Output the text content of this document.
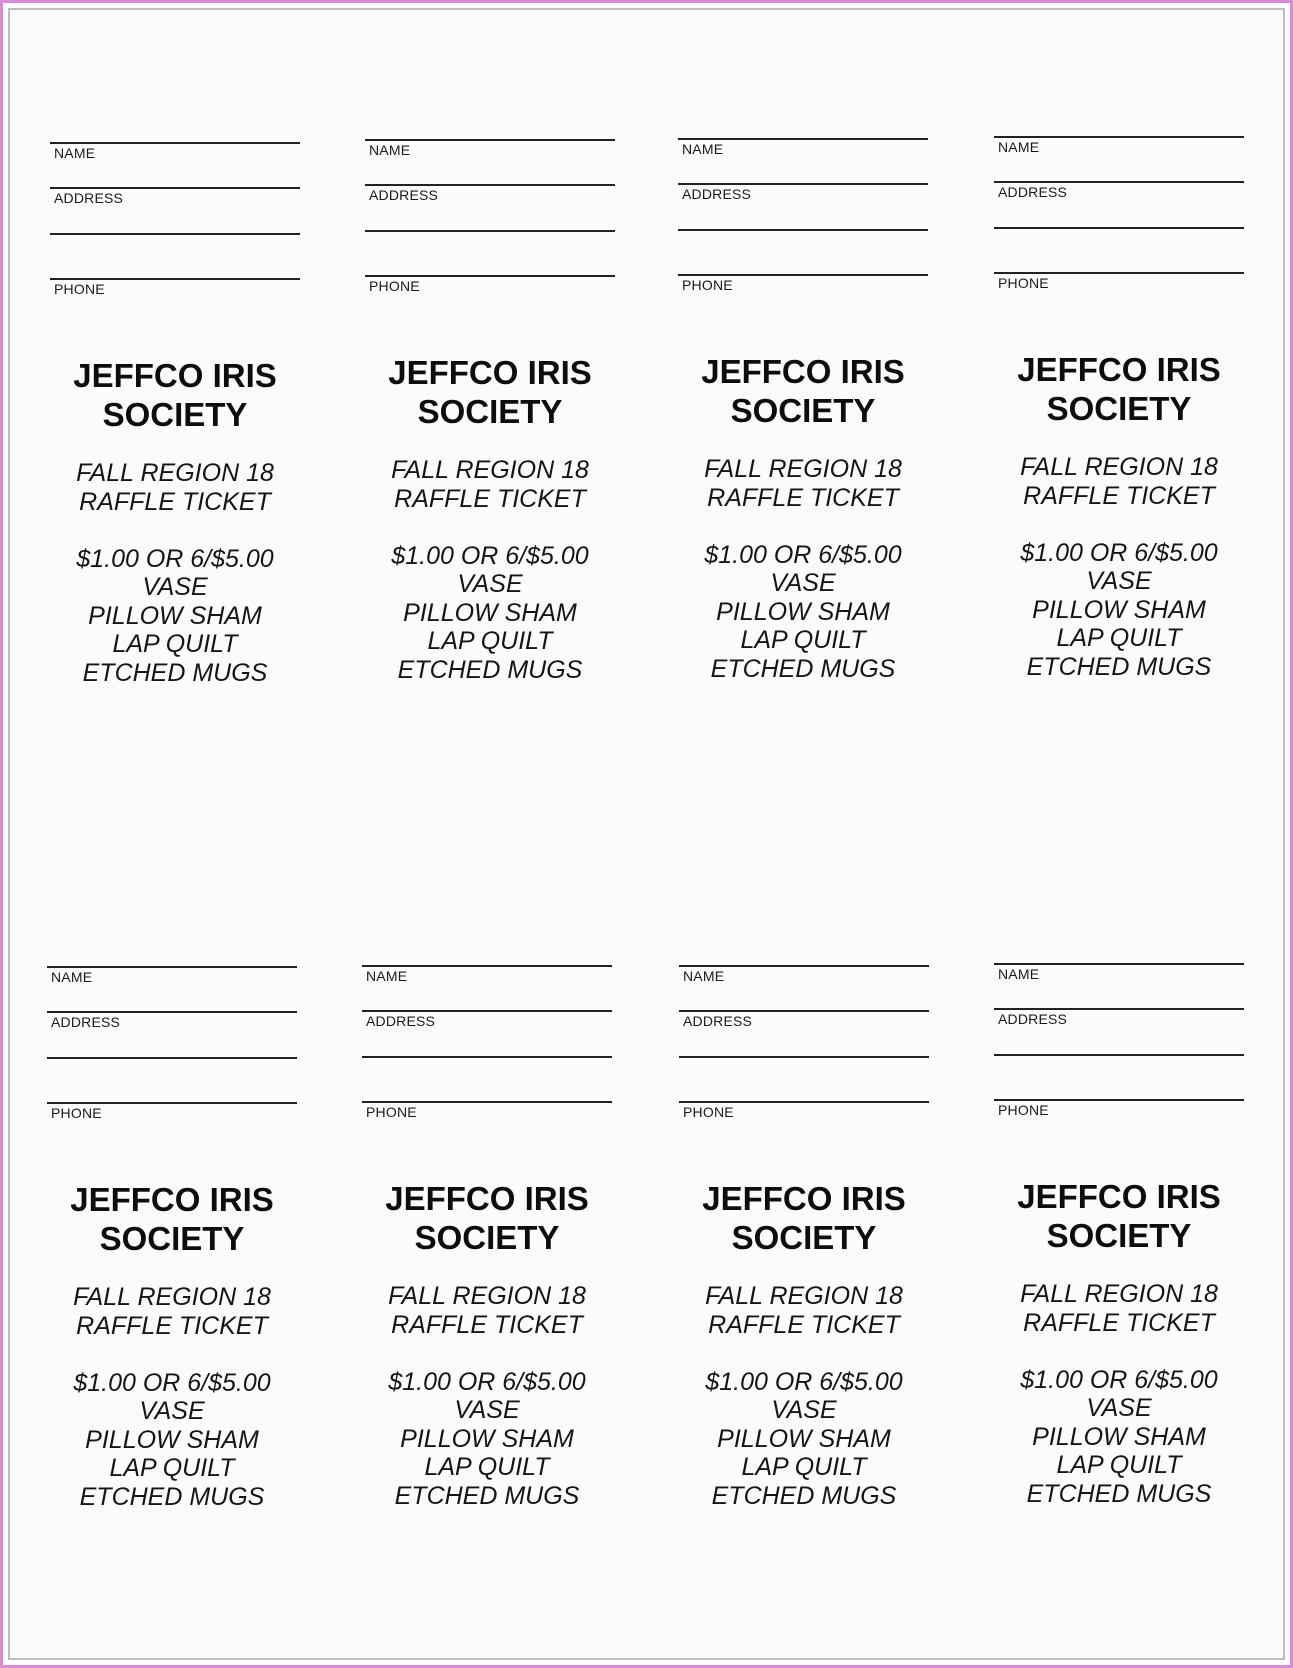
NAME
ADDRESS
PHONE
JEFFCO IRIS
SOCIETY
FALL REGION 18
RAFFLE TICKET
$1.00 OR 6/$5.00
VASE
PILLOW SHAM
LAP QUILT
ETCHED MUGS
NAME
ADDRESS
PHONE
JEFFCO IRIS
SOCIETY
FALL REGION 18
RAFFLE TICKET
$1.00 OR 6/$5.00
VASE
PILLOW SHAM
LAP QUILT
ETCHED MUGS
NAME
ADDRESS
PHONE
JEFFCO IRIS
SOCIETY
FALL REGION 18
RAFFLE TICKET
$1.00 OR 6/$5.00
VASE
PILLOW SHAM
LAP QUILT
ETCHED MUGS
NAME
ADDRESS
PHONE
JEFFCO IRIS
SOCIETY
FALL REGION 18
RAFFLE TICKET
$1.00 OR 6/$5.00
VASE
PILLOW SHAM
LAP QUILT
ETCHED MUGS
NAME
ADDRESS
PHONE
JEFFCO IRIS
SOCIETY
FALL REGION 18
RAFFLE TICKET
$1.00 OR 6/$5.00
VASE
PILLOW SHAM
LAP QUILT
ETCHED MUGS
NAME
ADDRESS
PHONE
JEFFCO IRIS
SOCIETY
FALL REGION 18
RAFFLE TICKET
$1.00 OR 6/$5.00
VASE
PILLOW SHAM
LAP QUILT
ETCHED MUGS
NAME
ADDRESS
PHONE
JEFFCO IRIS
SOCIETY
FALL REGION 18
RAFFLE TICKET
$1.00 OR 6/$5.00
VASE
PILLOW SHAM
LAP QUILT
ETCHED MUGS
NAME
ADDRESS
PHONE
JEFFCO IRIS
SOCIETY
FALL REGION 18
RAFFLE TICKET
$1.00 OR 6/$5.00
VASE
PILLOW SHAM
LAP QUILT
ETCHED MUGS
